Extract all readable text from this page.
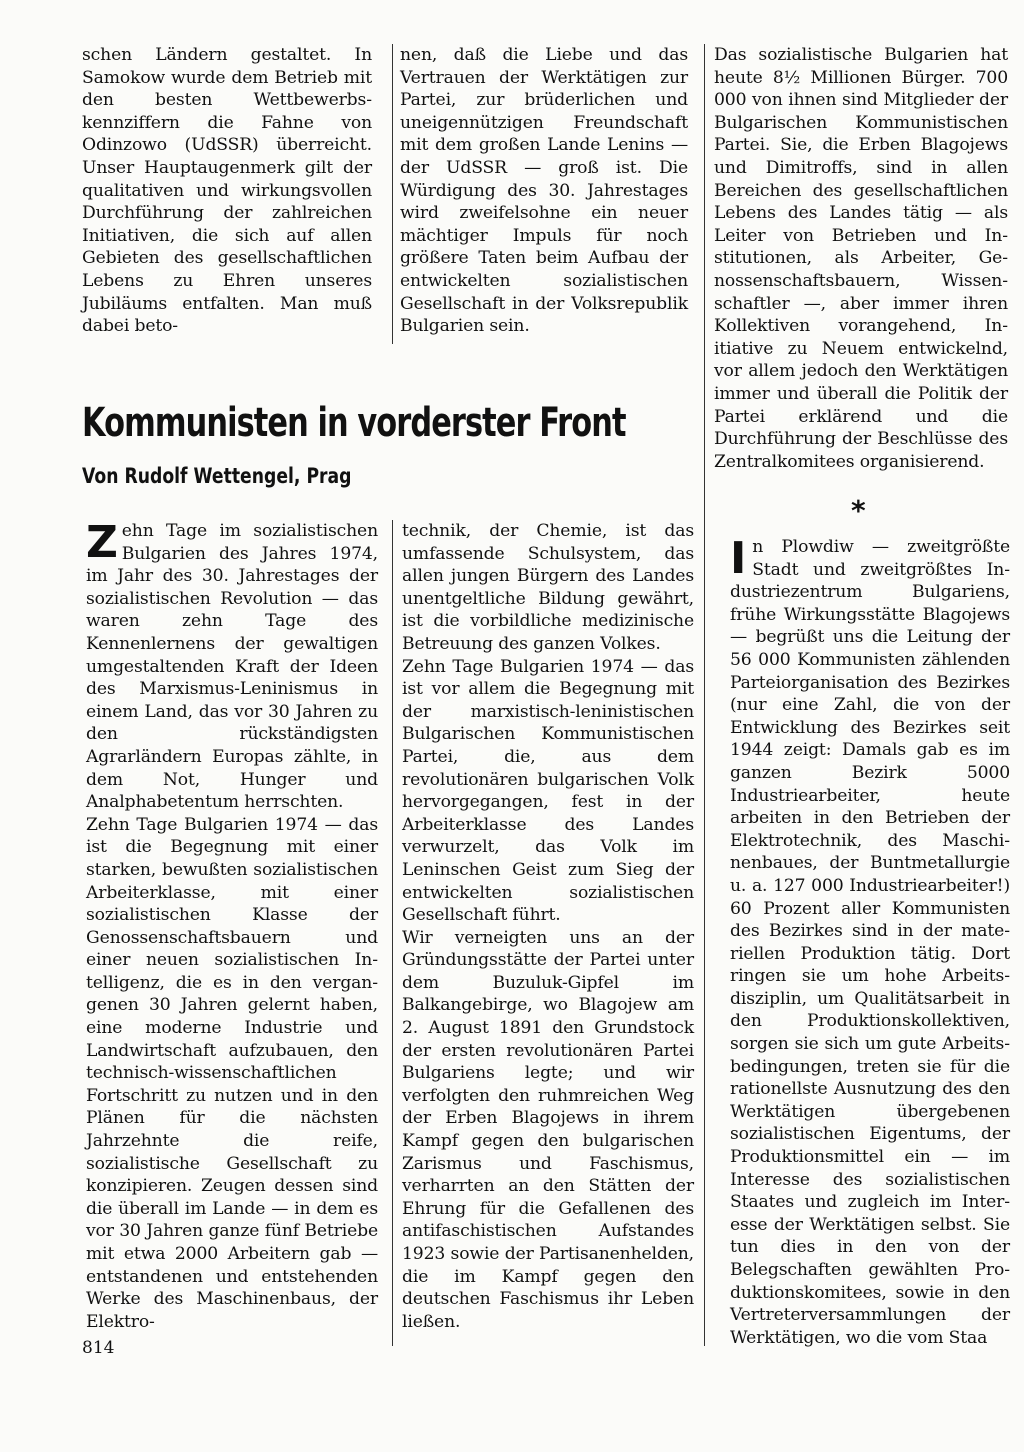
schen Ländern gestaltet. In Samokow wurde dem Betrieb mit den besten Wettbewerbskennziffern die Fahne von Odinzowo (UdSSR) überreicht. Unser Hauptaugenmerk gilt der qualitativen und wirkungsvollen Durchführung der zahlreichen Initiativen, die sich auf allen Gebieten des gesellschaftlichen Lebens zu Ehren unseres Jubiläums entfalten. Man muß dabei beto-

nen, daß die Liebe und das Vertrauen der Werktätigen zur Partei, zur brüderlichen und uneigennützigen Freundschaft mit dem großen Lande Lenins — der UdSSR — groß ist. Die Würdigung des 30. Jahrestages wird zweifelsohne ein neuer mächtiger Impuls für noch größere Taten beim Aufbau der entwickelten sozialistischen Gesellschaft in der Volksrepublik Bulgarien sein.

Das sozialistische Bulgarien hat heute 8½ Millionen Bürger. 700 000 von ihnen sind Mitglieder der Bulgarischen Kommunistischen Partei. Sie, die Erben Blagojews und Dimitroffs, sind in allen Bereichen des gesellschaftlichen Lebens des Landes tätig — als Leiter von Betrieben und Institutionen, als Arbeiter, Genossenschaftsbauern, Wissenschaftler —, aber immer ihren Kollektiven vorangehend, Initiative zu Neuem entwickelnd, vor allem jedoch den Werktätigen immer und überall die Politik der Partei erklärend und die Durchführung der Beschlüsse des Zentralkomitees organisierend.

*

In Plowdiw — zweitgrößte Stadt und zweitgrößtes Industriezentrum Bulgariens, frühe Wirkungsstätte Blagojews — begrüßt uns die Leitung der 56 000 Kommunisten zählenden Parteiorganisation des Bezirkes (nur eine Zahl, die von der Entwicklung des Bezirkes seit 1944 zeigt: Damals gab es im ganzen Bezirk 5000 Industriearbeiter, heute arbeiten in den Betrieben der Elektrotechnik, des Maschinenbaues, der Buntmetallurgie u. a. 127 000 Industriearbeiter!) 60 Prozent aller Kommunisten des Bezirkes sind in der materiellen Produktion tätig. Dort ringen sie um hohe Arbeitsdisziplin, um Qualitätsarbeit in den Produktionskollektiven, sorgen sie sich um gute Arbeitsbedingungen, treten sie für die rationellste Ausnutzung des den Werktätigen übergebenen sozialistischen Eigentums, der Produktionsmittel ein — im Interesse des sozialistischen Staates und zugleich im Interesse der Werktätigen selbst. Sie tun dies in den von der Belegschaften gewählten Produktionskomitees, sowie in den Vertreterversammlungen der Werktätigen, wo die vom Staa

Kommunisten in vorderster Front
Von Rudolf Wettengel, Prag

Zehn Tage im sozialistischen Bulgarien des Jahres 1974, im Jahr des 30. Jahrestages der sozialistischen Revolution — das waren zehn Tage des Kennenlernens der gewaltigen umgestaltenden Kraft der Ideen des Marxismus-Leninismus in einem Land, das vor 30 Jahren zu den rückständigsten Agrarländern Europas zählte, in dem Not, Hunger und Analphabetentum herrschten.

Zehn Tage Bulgarien 1974 — das ist die Begegnung mit einer starken, bewußten sozialistischen Arbeiterklasse, mit einer sozialistischen Klasse der Genossenschaftsbauern und einer neuen sozialistischen Intelligenz, die es in den vergangenen 30 Jahren gelernt haben, eine moderne Industrie und Landwirtschaft aufzubauen, den technisch-wissenschaftlichen Fortschritt zu nutzen und in den Plänen für die nächsten Jahrzehnte die reife, sozialistische Gesellschaft zu konzipieren. Zeugen dessen sind die überall im Lande — in dem es vor 30 Jahren ganze fünf Betriebe mit etwa 2000 Arbeitern gab — entstandenen und entstehenden Werke des Maschinenbaus, der Elektro-

technik, der Chemie, ist das umfassende Schulsystem, das allen jungen Bürgern des Landes unentgeltliche Bildung gewährt, ist die vorbildliche medizinische Betreuung des ganzen Volkes.

Zehn Tage Bulgarien 1974 — das ist vor allem die Begegnung mit der marxistisch-leninistischen Bulgarischen Kommunistischen Partei, die, aus dem revolutionären bulgarischen Volk hervorgegangen, fest in der Arbeiterklasse des Landes verwurzelt, das Volk im Leninschen Geist zum Sieg der entwickelten sozialistischen Gesellschaft führt.

Wir verneigten uns an der Gründungsstätte der Partei unter dem Buzuluk-Gipfel im Balkangebirge, wo Blagojew am 2. August 1891 den Grundstock der ersten revolutionären Partei Bulgariens legte; und wir verfolgten den ruhmreichen Weg der Erben Blagojews in ihrem Kampf gegen den bulgarischen Zarismus und Faschismus, verharrten an den Stätten der Ehrung für die Gefallenen des antifaschistischen Aufstandes 1923 sowie der Partisanenhelden, die im Kampf gegen den deutschen Faschismus ihr Leben ließen.

814
